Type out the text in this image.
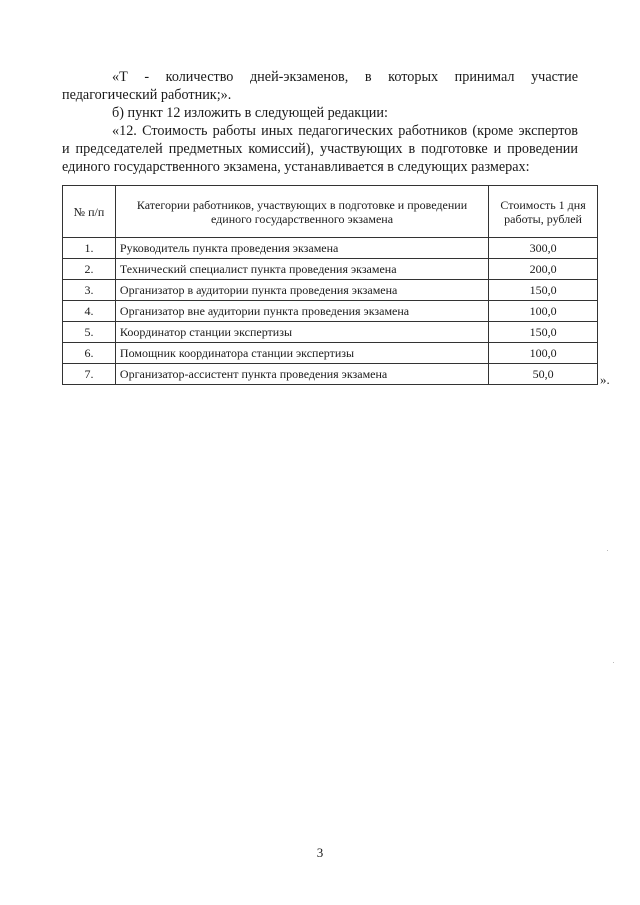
«Т - количество дней-экзаменов, в которых принимал участие
педагогический работник;».

б) пункт 12 изложить в следующей редакции:

«12. Стоимость работы иных педагогических работников (кроме экспертов
и председателей предметных комиссий), участвующих в подготовке и проведении
единого государственного экзамена, устанавливается в следующих размерах:

№ п/п	Категории работников, участвующих в подготовке и проведении единого государственного экзамена	Стоимость 1 дня работы, рублей
1.	Руководитель пункта проведения экзамена	300,0
2.	Технический специалист пункта проведения экзамена	200,0
3.	Организатор в аудитории пункта проведения экзамена	150,0
4.	Организатор вне аудитории пункта проведения экзамена	100,0
5.	Координатор станции экспертизы	150,0
6.	Помощник координатора станции экспертизы	100,0
7.	Организатор-ассистент пункта проведения экзамена	50,0	».
3
